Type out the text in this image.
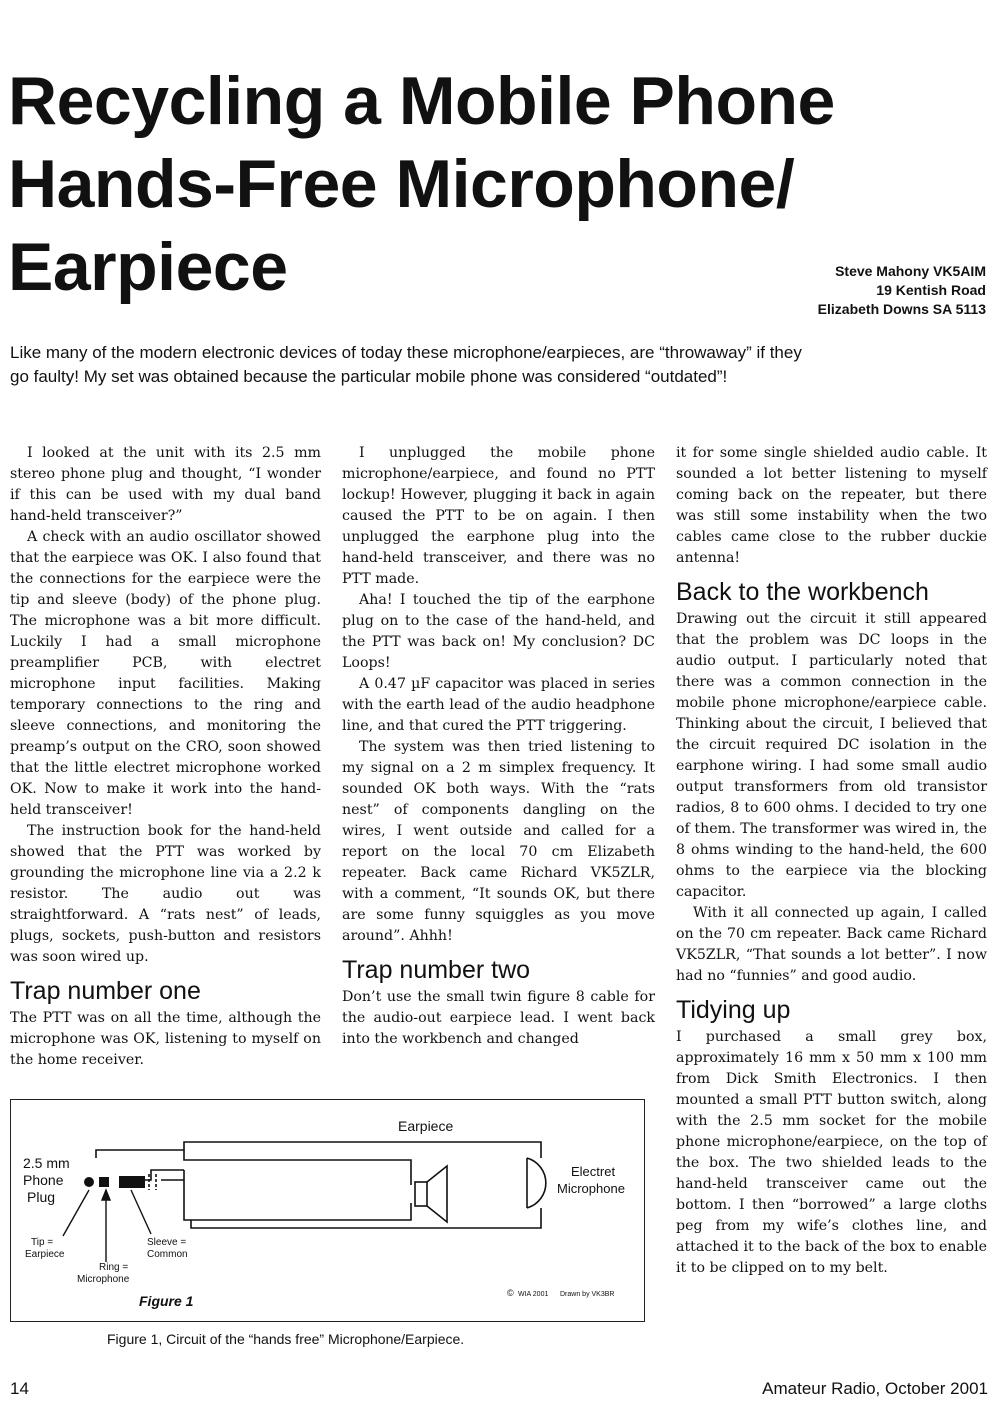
Recycling a Mobile Phone
Hands-Free Microphone/
Earpiece	Steve Mahony VK5AIM
19 Kentish Road
Elizabeth Downs SA 5113

Like many of the modern electronic devices of today these microphone/earpieces, are “throwaway” if they go faulty! My set was obtained because the particular mobile phone was considered “outdated”!

I looked at the unit with its 2.5 mm stereo phone plug and thought, “I wonder if this can be used with my dual band hand-held transceiver?”

A check with an audio oscillator showed that the earpiece was OK. I also found that the connections for the earpiece were the tip and sleeve (body) of the phone plug. The microphone was a bit more difficult. Luckily I had a small microphone preamplifier PCB, with electret microphone input facilities. Making temporary connections to the ring and sleeve connections, and monitoring the preamp’s output on the CRO, soon showed that the little electret microphone worked OK. Now to make it work into the hand-held transceiver!

The instruction book for the hand-held showed that the PTT was worked by grounding the microphone line via a 2.2 k resistor. The audio out was straightforward. A “rats nest” of leads, plugs, sockets, push-button and resistors was soon wired up.

Trap number one

The PTT was on all the time, although the microphone was OK, listening to myself on the home receiver.

I unplugged the mobile phone microphone/earpiece, and found no PTT lockup! However, plugging it back in again caused the PTT to be on again. I then unplugged the earphone plug into the hand-held transceiver, and there was no PTT made.

Aha! I touched the tip of the earphone plug on to the case of the hand-held, and the PTT was back on! My conclusion? DC Loops!

A 0.47 µF capacitor was placed in series with the earth lead of the audio headphone line, and that cured the PTT triggering.

The system was then tried listening to my signal on a 2 m simplex frequency. It sounded OK both ways. With the “rats nest” of components dangling on the wires, I went outside and called for a report on the local 70 cm Elizabeth repeater. Back came Richard VK5ZLR, with a comment, “It sounds OK, but there are some funny squiggles as you move around”. Ahhh!

Trap number two

Don’t use the small twin figure 8 cable for the audio-out earpiece lead. I went back into the workbench and changed

it for some single shielded audio cable. It sounded a lot better listening to myself coming back on the repeater, but there was still some instability when the two cables came close to the rubber duckie antenna!

Back to the workbench

Drawing out the circuit it still appeared that the problem was DC loops in the audio output. I particularly noted that there was a common connection in the mobile phone microphone/earpiece cable. Thinking about the circuit, I believed that the circuit required DC isolation in the earphone wiring. I had some small audio output transformers from old transistor radios, 8 to 600 ohms. I decided to try one of them. The transformer was wired in, the 8 ohms winding to the hand-held, the 600 ohms to the earpiece via the blocking capacitor.

With it all connected up again, I called on the 70 cm repeater. Back came Richard VK5ZLR, “That sounds a lot better”. I now had no “funnies” and good audio.

Tidying up

I purchased a small grey box, approximately 16 mm x 50 mm x 100 mm from Dick Smith Electronics. I then mounted a small PTT button switch, along with the 2.5 mm socket for the mobile phone microphone/earpiece, on the top of the box. The two shielded leads to the hand-held transceiver came out the bottom. I then “borrowed” a large cloths peg from my wife’s clothes line, and attached it to the back of the box to enable it to be clipped on to my belt.

Earpiece
2.5 mm
Phone
Plug
Electret
Microphone
Tip =
Earpiece
Ring =
Microphone
Sleeve =
Common
© WIA 2001 Drawn by VK3BR
Figure 1

Figure 1, Circuit of the “hands free” Microphone/Earpiece.

14	Amateur Radio, October 2001
